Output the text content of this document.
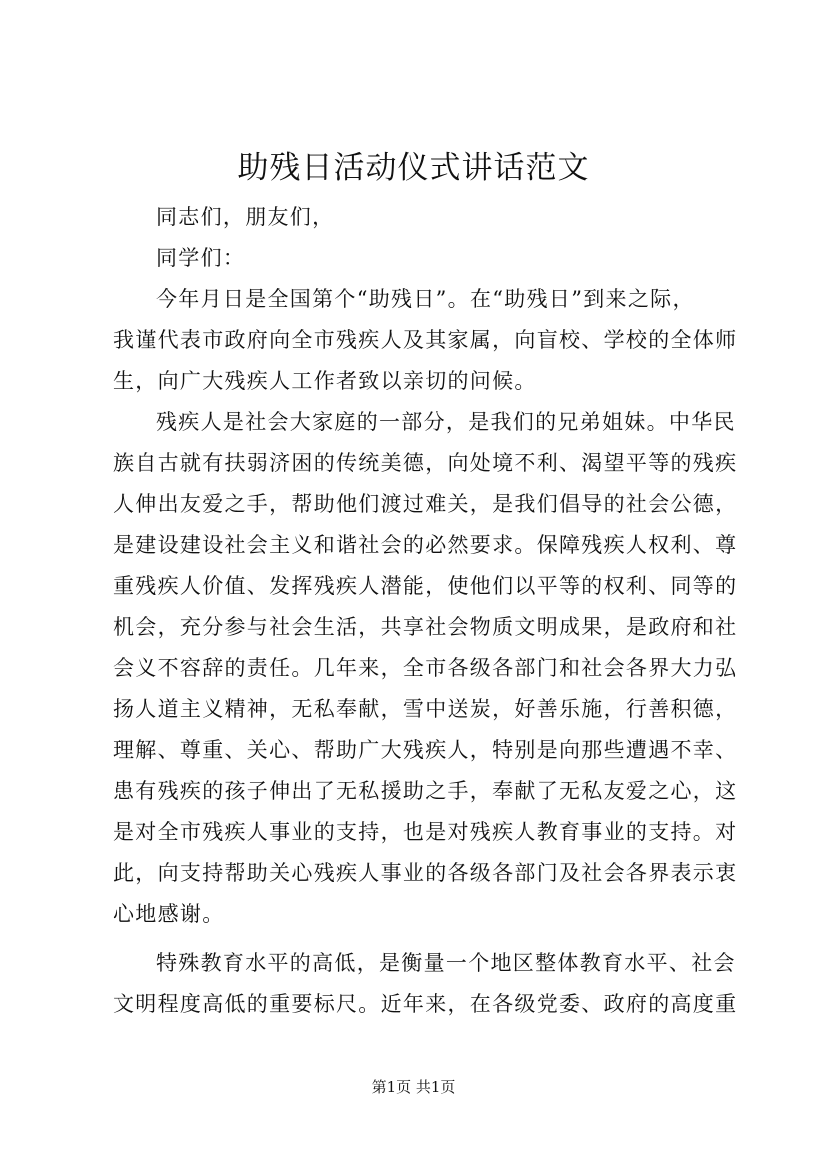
助残日活动仪式讲话范文

同志们，朋友们，

同学们：

今年月日是全国第个“助残日”。在“助残日”到来之际，

我谨代表市政府向全市残疾人及其家属，向盲校、学校的全体师

生，向广大残疾人工作者致以亲切的问候。

残疾人是社会大家庭的一部分，是我们的兄弟姐妹。中华民

族自古就有扶弱济困的传统美德，向处境不利、渴望平等的残疾

人伸出友爱之手，帮助他们渡过难关，是我们倡导的社会公德，

是建设建设社会主义和谐社会的必然要求。保障残疾人权利、尊

重残疾人价值、发挥残疾人潜能，使他们以平等的权利、同等的

机会，充分参与社会生活，共享社会物质文明成果，是政府和社

会义不容辞的责任。几年来，全市各级各部门和社会各界大力弘

扬人道主义精神，无私奉献，雪中送炭，好善乐施，行善积德，

理解、尊重、关心、帮助广大残疾人，特别是向那些遭遇不幸、

患有残疾的孩子伸出了无私援助之手，奉献了无私友爱之心，这

是对全市残疾人事业的支持，也是对残疾人教育事业的支持。对

此，向支持帮助关心残疾人事业的各级各部门及社会各界表示衷

心地感谢。

特殊教育水平的高低，是衡量一个地区整体教育水平、社会

文明程度高低的重要标尺。近年来，在各级党委、政府的高度重

第1页 共1页
